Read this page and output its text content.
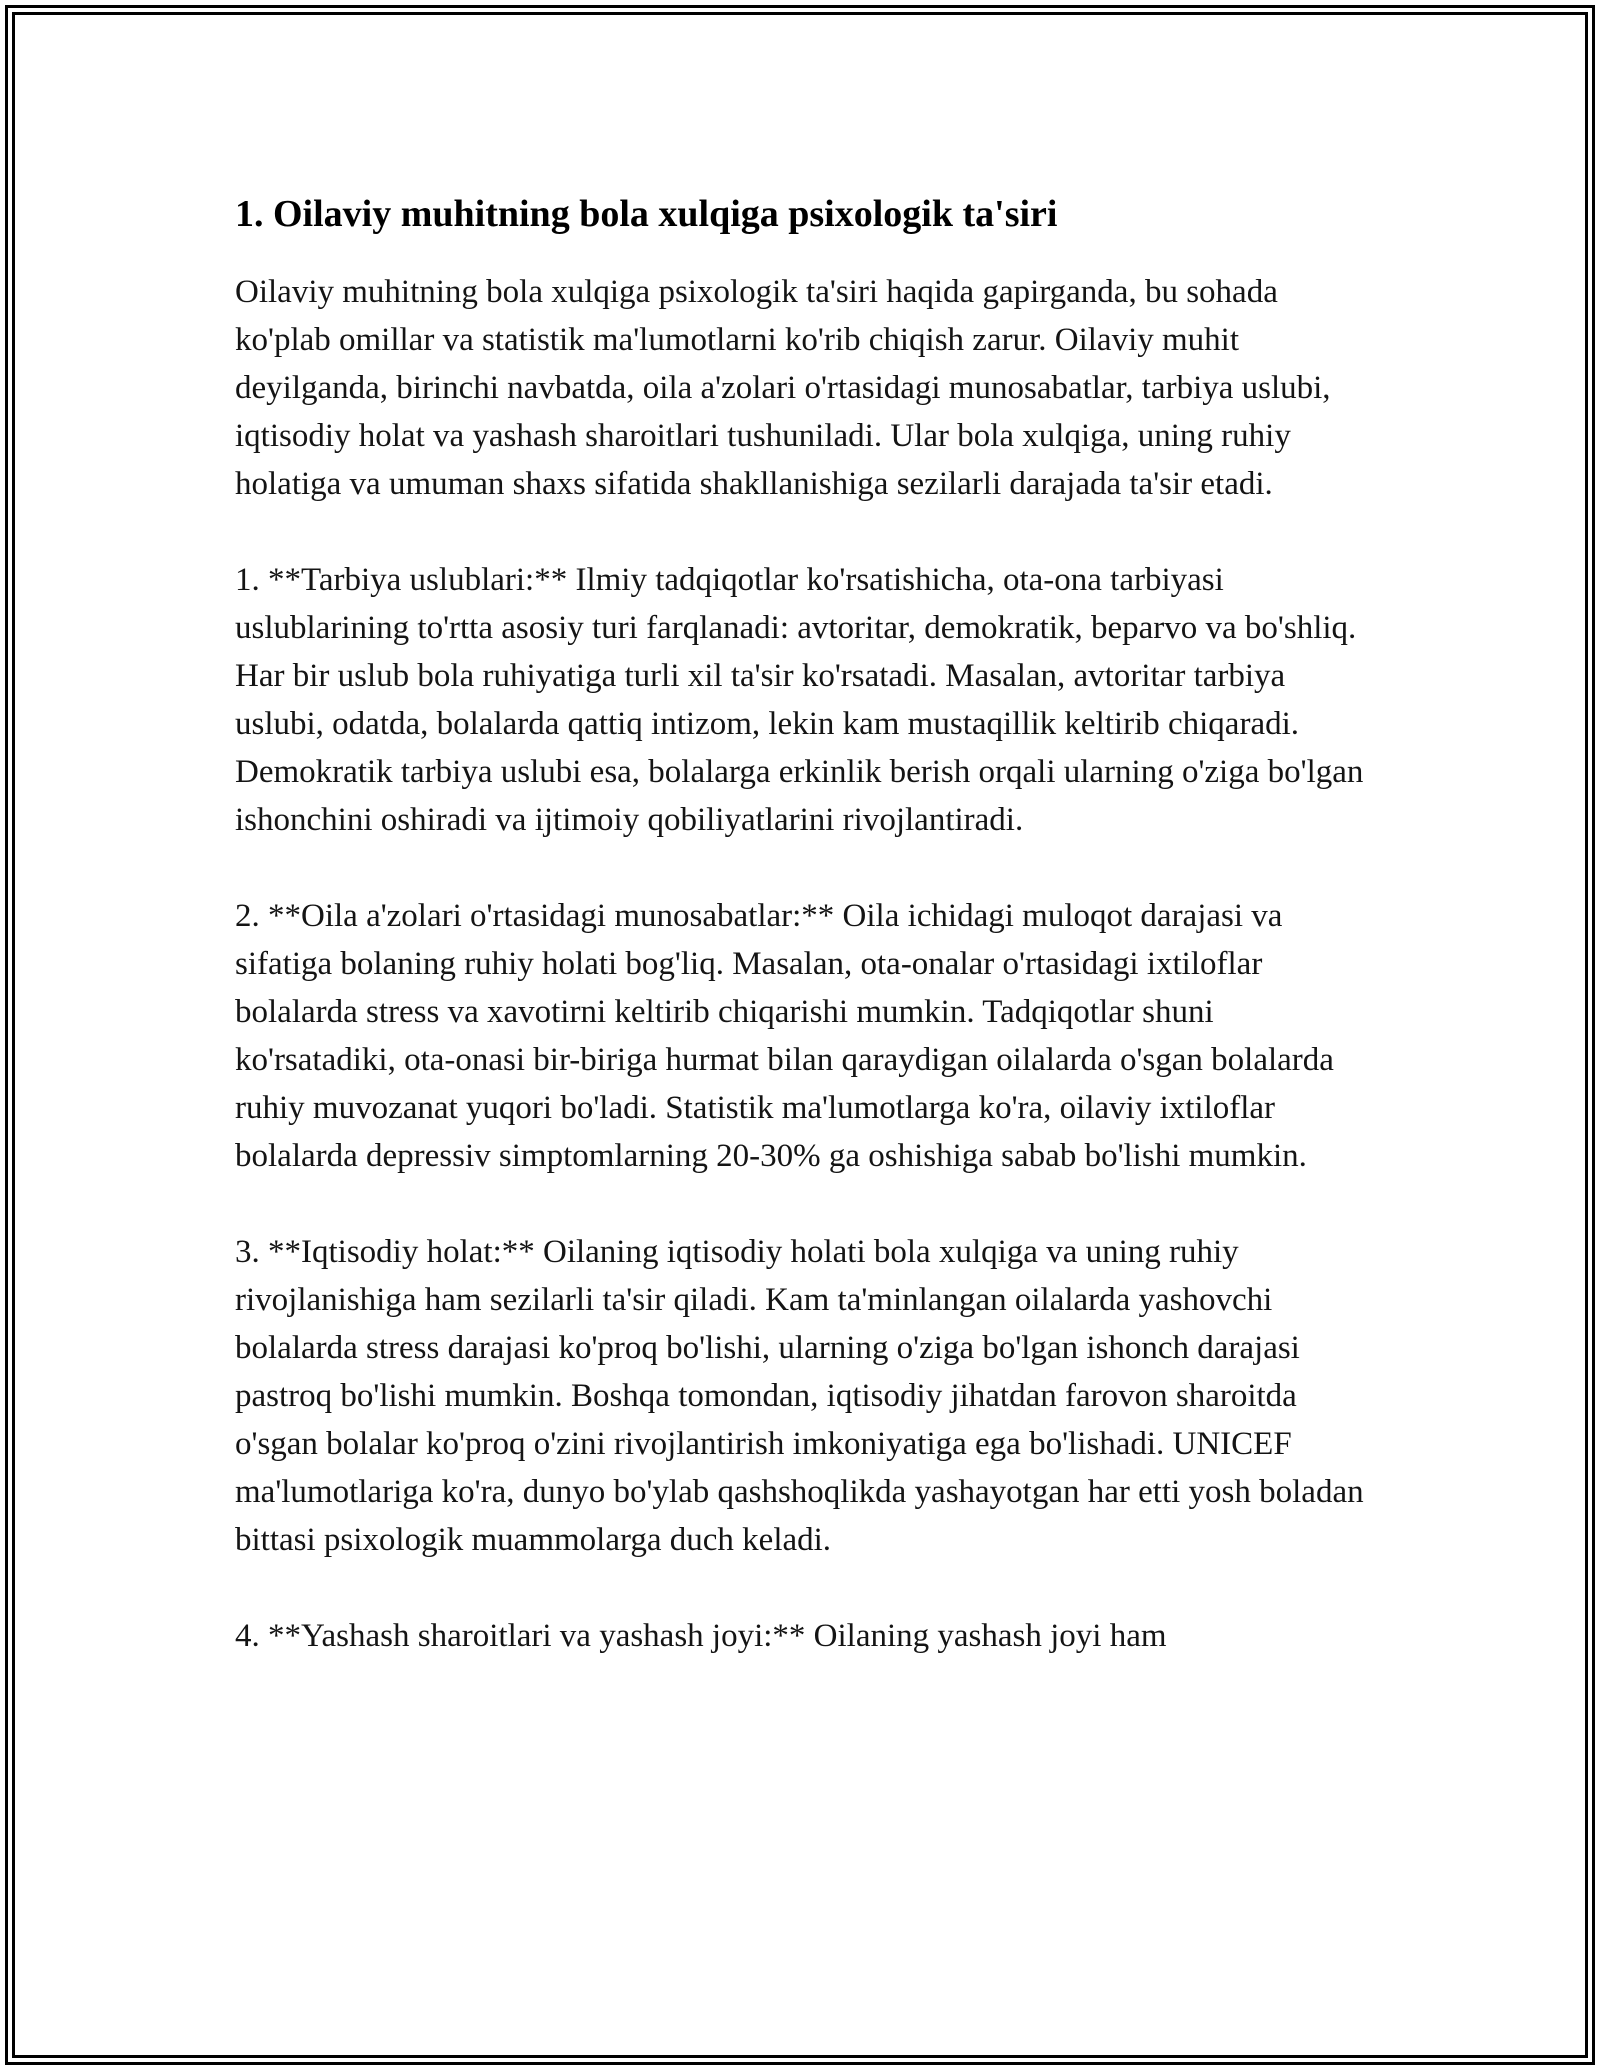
1. Oilaviy muhitning bola xulqiga psixologik ta'siri

Oilaviy muhitning bola xulqiga psixologik ta'siri haqida gapirganda, bu sohada ko'plab omillar va statistik ma'lumotlarni ko'rib chiqish zarur. Oilaviy muhit deyilganda, birinchi navbatda, oila a'zolari o'rtasidagi munosabatlar, tarbiya uslubi, iqtisodiy holat va yashash sharoitlari tushuniladi. Ular bola xulqiga, uning ruhiy holatiga va umuman shaxs sifatida shakllanishiga sezilarli darajada ta'sir etadi.

1. **Tarbiya uslublari:** Ilmiy tadqiqotlar ko'rsatishicha, ota-ona tarbiyasi uslublarining to'rtta asosiy turi farqlanadi: avtoritar, demokratik, beparvo va bo'shliq. Har bir uslub bola ruhiyatiga turli xil ta'sir ko'rsatadi. Masalan, avtoritar tarbiya uslubi, odatda, bolalarda qattiq intizom, lekin kam mustaqillik keltirib chiqaradi. Demokratik tarbiya uslubi esa, bolalarga erkinlik berish orqali ularning o'ziga bo'lgan ishonchini oshiradi va ijtimoiy qobiliyatlarini rivojlantiradi.

2. **Oila a'zolari o'rtasidagi munosabatlar:** Oila ichidagi muloqot darajasi va sifatiga bolaning ruhiy holati bog'liq. Masalan, ota-onalar o'rtasidagi ixtiloflar bolalarda stress va xavotirni keltirib chiqarishi mumkin. Tadqiqotlar shuni ko'rsatadiki, ota-onasi bir-biriga hurmat bilan qaraydigan oilalarda o'sgan bolalarda ruhiy muvozanat yuqori bo'ladi. Statistik ma'lumotlarga ko'ra, oilaviy ixtiloflar bolalarda depressiv simptomlarning 20-30% ga oshishiga sabab bo'lishi mumkin.

3. **Iqtisodiy holat:** Oilaning iqtisodiy holati bola xulqiga va uning ruhiy rivojlanishiga ham sezilarli ta'sir qiladi. Kam ta'minlangan oilalarda yashovchi bolalarda stress darajasi ko'proq bo'lishi, ularning o'ziga bo'lgan ishonch darajasi pastroq bo'lishi mumkin. Boshqa tomondan, iqtisodiy jihatdan farovon sharoitda o'sgan bolalar ko'proq o'zini rivojlantirish imkoniyatiga ega bo'lishadi. UNICEF ma'lumotlariga ko'ra, dunyo bo'ylab qashshoqlikda yashayotgan har etti yosh boladan bittasi psixologik muammolarga duch keladi.

4. **Yashash sharoitlari va yashash joyi:** Oilaning yashash joyi ham
